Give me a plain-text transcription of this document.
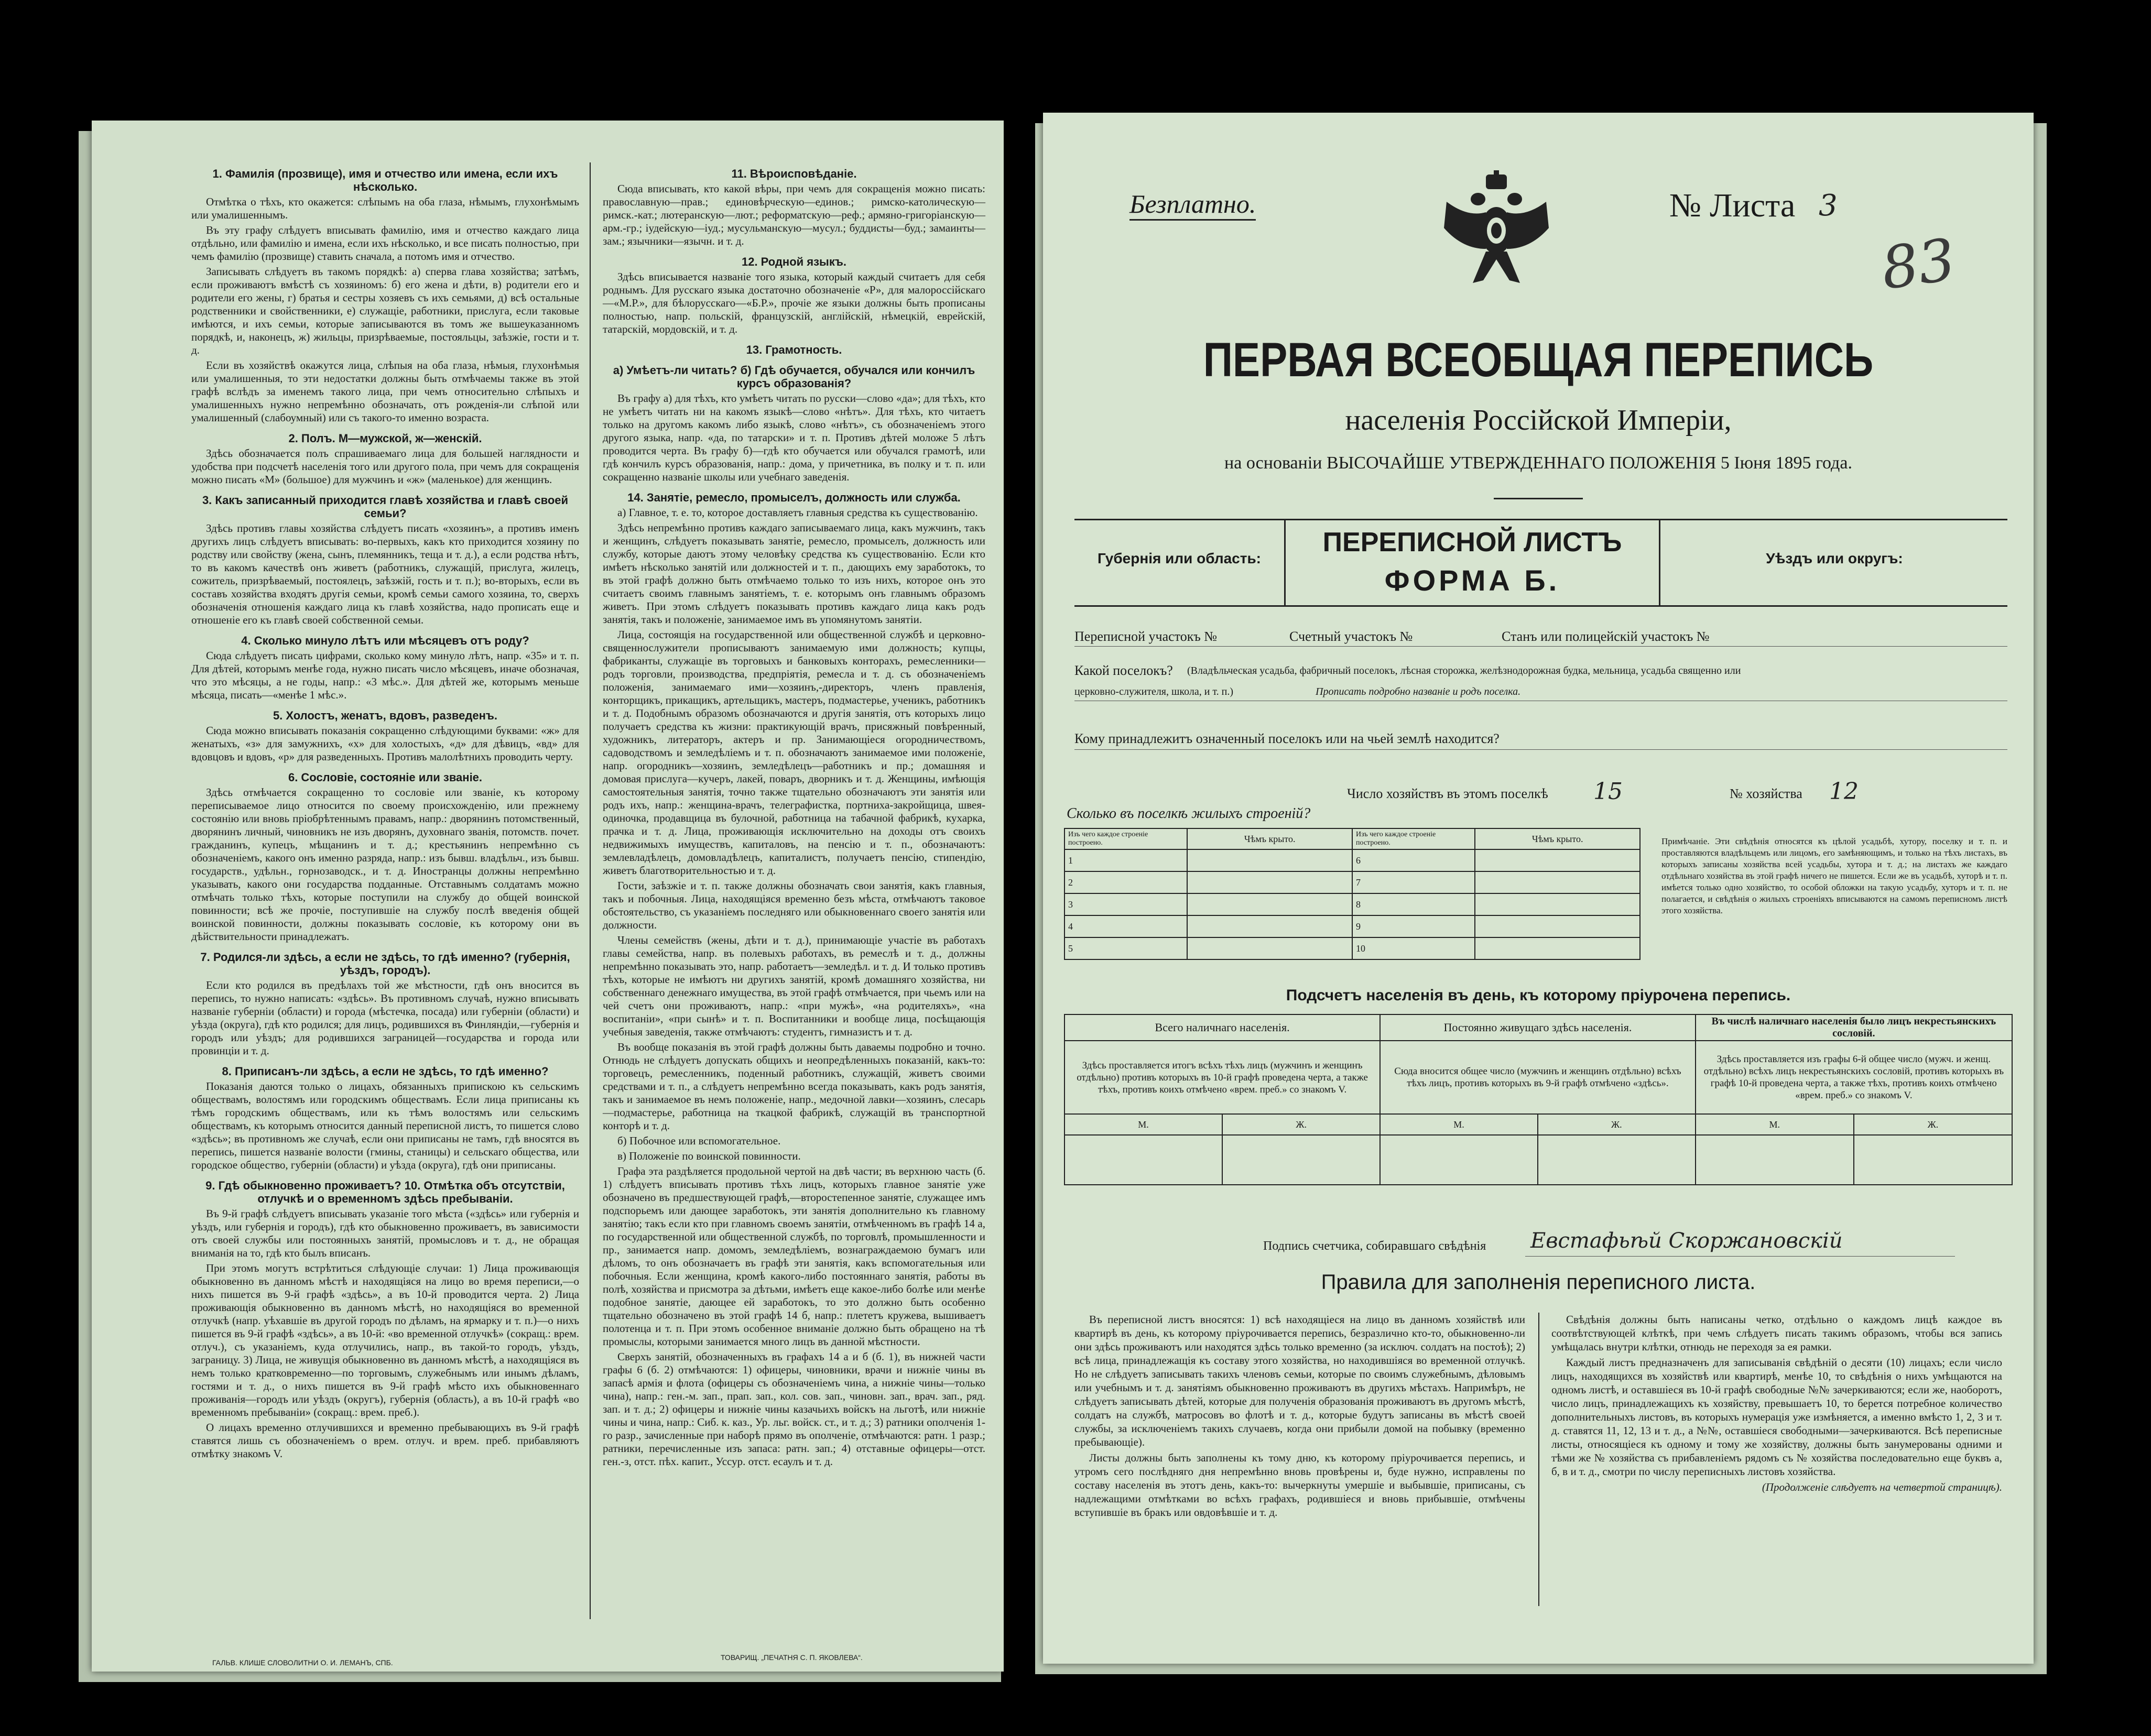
1. Фамилія (прозвище), имя и отчество или имена, если ихъ нѣсколько.

Отмѣтка о тѣхъ, кто окажется: слѣпымъ на оба глаза, нѣмымъ, глухонѣмымъ или умалишеннымъ.

Въ эту графу слѣдуетъ вписывать фамилію, имя и отчество каждаго лица отдѣльно, или фамилію и имена, если ихъ нѣсколько, и все писать полностью, при чемъ фамилію (прозвище) ставить сначала, а потомъ имя и отчество.

Записывать слѣдуетъ въ такомъ порядкѣ: а) сперва глава хозяйства; затѣмъ, если проживаютъ вмѣстѣ съ хозяиномъ: б) его жена и дѣти, в) родители его и родители его жены, г) братья и сестры хозяевъ съ ихъ семьями, д) всѣ остальные родственники и свойственники, е) служащіе, работники, прислуга, если таковые имѣются, и ихъ семьи, которые записываются въ томъ же вышеуказанномъ порядкѣ, и, наконецъ, ж) жильцы, призрѣваемые, постояльцы, заѣзжіе, гости и т. д.

Если въ хозяйствѣ окажутся лица, слѣпыя на оба глаза, нѣмыя, глухонѣмыя или умалишенныя, то эти недостатки должны быть отмѣчаемы также въ этой графѣ вслѣдъ за именемъ такого лица, при чемъ относительно слѣпыхъ и умалишенныхъ нужно непремѣнно обозначать, отъ рожденія-ли слѣпой или умалишенный (слабоумный) или съ такого-то именно возраста.

2. Полъ. М—мужской, ж—женскій.

Здѣсь обозначается полъ спрашиваемаго лица для большей наглядности и удобства при подсчетѣ населенія того или другого пола, при чемъ для сокращенія можно писать «М» (большое) для мужчинъ и «ж» (маленькое) для женщинъ.

3. Какъ записанный приходится главѣ хозяйства и главѣ своей семьи?

Здѣсь противъ главы хозяйства слѣдуетъ писать «хозяинъ», а противъ именъ другихъ лицъ слѣдуетъ вписывать: во-первыхъ, какъ кто приходится хозяину по родству или свойству (жена, сынъ, племянникъ, теща и т. д.), а если родства нѣтъ, то въ какомъ качествѣ онъ живетъ (работникъ, служащій, прислуга, жилецъ, сожитель, призрѣваемый, постоялецъ, заѣзжій, гость и т. п.); во-вторыхъ, если въ составъ хозяйства входятъ другія семьи, кромѣ семьи самого хозяина, то, сверхъ обозначенія отношенія каждаго лица къ главѣ хозяйства, надо прописать еще и отношеніе его къ главѣ своей собственной семьи.

4. Сколько минуло лѣтъ или мѣсяцевъ отъ роду?

Сюда слѣдуетъ писать цифрами, сколько кому минуло лѣтъ, напр. «35» и т. п. Для дѣтей, которымъ менѣе года, нужно писать число мѣсяцевъ, иначе обозначая, что это мѣсяцы, а не годы, напр.: «3 мѣс.». Для дѣтей же, которымъ меньше мѣсяца, писать—«менѣе 1 мѣс.».

5. Холостъ, женатъ, вдовъ, разведенъ.

Сюда можно вписывать показанія сокращенно слѣдующими буквами: «ж» для женатыхъ, «з» для замужнихъ, «х» для холостыхъ, «д» для дѣвицъ, «вд» для вдовцовъ и вдовъ, «р» для разведенныхъ. Противъ малолѣтнихъ проводить черту.

6. Сословіе, состояніе или званіе.

Здѣсь отмѣчается сокращенно то сословіе или званіе, къ которому переписываемое лицо относится по своему происхожденію, или прежнему состоянію или вновь пріобрѣтеннымъ правамъ, напр.: дворянинъ потомственный, дворянинъ личный, чиновникъ не изъ дворянъ, духовнаго званія, потомств. почет. гражданинъ, купецъ, мѣщанинъ и т. д.; крестьянинъ непремѣнно съ обозначеніемъ, какого онъ именно разряда, напр.: изъ бывш. владѣльч., изъ бывш. государств., удѣльн., горнозаводск., и т. д. Иностранцы должны непремѣнно указывать, какого они государства подданные. Отставнымъ солдатамъ можно отмѣчать только тѣхъ, которые поступили на службу до общей воинской повинности; всѣ же прочіе, поступившіе на службу послѣ введенія общей воинской повинности, должны показывать сословіе, къ которому они въ дѣйствительности принадлежатъ.

7. Родился-ли здѣсь, а если не здѣсь, то гдѣ именно? (губернія, уѣздъ, городъ).

Если кто родился въ предѣлахъ той же мѣстности, гдѣ онъ вносится въ перепись, то нужно написать: «здѣсь». Въ противномъ случаѣ, нужно вписывать названіе губерніи (области) и города (мѣстечка, посада) или губерніи (области) и уѣзда (округа), гдѣ кто родился; для лицъ, родившихся въ Финляндіи,—губернія и городъ или уѣздъ; для родившихся заграницей—государства и города или провинціи и т. д.

8. Приписанъ-ли здѣсь, а если не здѣсь, то гдѣ именно?

Показанія даются только о лицахъ, обязанныхъ припискою къ сельскимъ обществамъ, волостямъ или городскимъ обществамъ. Если лица приписаны къ тѣмъ городскимъ обществамъ, или къ тѣмъ волостямъ или сельскимъ обществамъ, къ которымъ относится данный переписной листъ, то пишется слово «здѣсь»; въ противномъ же случаѣ, если они приписаны не тамъ, гдѣ вносятся въ перепись, пишется названіе волости (гмины, станицы) и сельскаго общества, или городское общество, губерніи (области) и уѣзда (округа), гдѣ они приписаны.

9. Гдѣ обыкновенно проживаетъ? 10. Отмѣтка объ отсутствіи, отлучкѣ и о временномъ здѣсь пребываніи.

Въ 9-й графѣ слѣдуетъ вписывать указаніе того мѣста («здѣсь» или губернія и уѣздъ, или губернія и городъ), гдѣ кто обыкновенно проживаетъ, въ зависимости отъ своей службы или постоянныхъ занятій, промысловъ и т. д., не обращая вниманія на то, гдѣ кто былъ вписанъ.

При этомъ могутъ встрѣтиться слѣдующіе случаи: 1) Лица проживающія обыкновенно въ данномъ мѣстѣ и находящіяся на лицо во время переписи,—о нихъ пишется въ 9-й графѣ «здѣсь», а въ 10-й проводится черта. 2) Лица проживающія обыкновенно въ данномъ мѣстѣ, но находящіяся во временной отлучкѣ (напр. уѣхавшіе въ другой городъ по дѣламъ, на ярмарку и т. п.)—о нихъ пишется въ 9-й графѣ «здѣсь», а въ 10-й: «во временной отлучкѣ» (сокращ.: врем. отлуч.), съ указаніемъ, куда отлучились, напр., въ такой-то городъ, уѣздъ, заграницу. 3) Лица, не живущія обыкновенно въ данномъ мѣстѣ, а находящіяся въ немъ только кратковременно—по торговымъ, служебнымъ или инымъ дѣламъ, гостями и т. д., о нихъ пишется въ 9-й графѣ мѣсто ихъ обыкновеннаго проживанія—городъ или уѣздъ (округъ), губернія (область), а въ 10-й графѣ «во временномъ пребываніи» (сокращ.: врем. преб.).

О лицахъ временно отлучившихся и временно пребывающихъ въ 9-й графѣ ставятся лишь съ обозначеніемъ о врем. отлуч. и врем. преб. прибавляютъ отмѣтку знакомъ V.

11. Вѣроисповѣданіе.

Сюда вписывать, кто какой вѣры, при чемъ для сокращенія можно писать: православную—прав.; единовѣрческую—единов.; римско-католическую—римск.-кат.; лютеранскую—лют.; реформатскую—реф.; армяно-григоріанскую—арм.-гр.; іудейскую—іуд.; мусульманскую—мусул.; буддисты—буд.; замаинты—зам.; язычники—язычн. и т. д.

12. Родной языкъ.

Здѣсь вписывается названіе того языка, который каждый считаетъ для себя роднымъ. Для русскаго языка достаточно обозначеніе «Р», для малороссійскаго—«М.Р.», для бѣлорусскаго—«Б.Р.», прочіе же языки должны быть прописаны полностью, напр. польскій, французскій, англійскій, нѣмецкій, еврейскій, татарскій, мордовскій, и т. д.

13. Грамотность.
а) Умѣетъ-ли читать? б) Гдѣ обучается, обучался или кончилъ курсъ образованія?

Въ графу а) для тѣхъ, кто умѣетъ читать по русски—слово «да»; для тѣхъ, кто не умѣетъ читать ни на какомъ языкѣ—слово «нѣтъ». Для тѣхъ, кто читаетъ только на другомъ какомъ либо языкѣ, слово «нѣтъ», съ обозначеніемъ этого другого языка, напр. «да, по татарски» и т. п. Противъ дѣтей моложе 5 лѣтъ проводится черта. Въ графу б)—гдѣ кто обучается или обучался грамотѣ, или гдѣ кончилъ курсъ образованія, напр.: дома, у причетника, въ полку и т. п. или сокращенно названіе школы или учебнаго заведенія.

14. Занятіе, ремесло, промыселъ, должность или служба.

а) Главное, т. е. то, которое доставляетъ главныя средства къ существованію.

Здѣсь непремѣнно противъ каждаго записываемаго лица, какъ мужчинъ, такъ и женщинъ, слѣдуетъ показывать занятіе, ремесло, промыселъ, должность или службу, которые даютъ этому человѣку средства къ существованію. Если кто имѣетъ нѣсколько занятій или должностей и т. п., дающихъ ему заработокъ, то въ этой графѣ должно быть отмѣчаемо только то изъ нихъ, которое онъ это считаетъ своимъ главнымъ занятіемъ, т. е. которымъ онъ главнымъ образомъ живетъ. При этомъ слѣдуетъ показывать противъ каждаго лица какъ родъ занятія, такъ и положеніе, занимаемое имъ въ упомянутомъ занятіи.

Лица, состоящія на государственной или общественной службѣ и церковно-священнослужители прописываютъ занимаемую ими должность; купцы, фабриканты, служащіе въ торговыхъ и банковыхъ конторахъ, ремесленники—родъ торговли, производства, предпріятія, ремесла и т. д. съ обозначеніемъ положенія, занимаемаго ими—хозяинъ,-директоръ, членъ правленія, конторщикъ, прикащикъ, артельщикъ, мастеръ, подмастерье, ученикъ, работникъ и т. д. Подобнымъ образомъ обозначаются и другія занятія, отъ которыхъ лицо получаетъ средства къ жизни: практикующій врачъ, присяжный повѣренный, художникъ, литераторъ, актеръ и пр. Занимающіеся огородничествомъ, садоводствомъ и земледѣліемъ и т. п. обозначаютъ занимаемое ими положеніе, напр. огородникъ—хозяинъ, земледѣлецъ—работникъ и пр.; домашняя и домовая прислуга—кучеръ, лакей, поваръ, дворникъ и т. д. Женщины, имѣющія самостоятельныя занятія, точно также тщательно обозначаютъ эти занятія или родъ ихъ, напр.: женщина-врачъ, телеграфистка, портниха-закройщица, швея-одиночка, продавщица въ булочной, работница на табачной фабрикѣ, кухарка, прачка и т. д. Лица, проживающія исключительно на доходы отъ своихъ недвижимыхъ имуществъ, капиталовъ, на пенсію и т. п., обозначаютъ: землевладѣлецъ, домовладѣлецъ, капиталистъ, получаетъ пенсію, стипендію, живетъ благотворительностью и т. д.

Гости, заѣзжіе и т. п. также должны обозначать свои занятія, какъ главныя, такъ и побочныя. Лица, находящіяся временно безъ мѣста, отмѣчаютъ таковое обстоятельство, съ указаніемъ последняго или обыкновеннаго своего занятія или должности.

Члены семействъ (жены, дѣти и т. д.), принимающіе участіе въ работахъ главы семейства, напр. въ полевыхъ работахъ, въ ремеслѣ и т. д., должны непремѣнно показывать это, напр. работаетъ—земледѣл. и т. д. И только противъ тѣхъ, которые не имѣютъ ни другихъ занятій, кромѣ домашняго хозяйства, ни собственнаго денежнаго имущества, въ этой графѣ отмѣчается, при чьемъ или на чей счетъ они проживаютъ, напр.: «при мужѣ», «на родителяхъ», «на воспитаніи», «при сынѣ» и т. п. Воспитанники и вообще лица, посѣщающія учебныя заведенія, также отмѣчаютъ: студентъ, гимназистъ и т. д.

Въ вообще показанія въ этой графѣ должны быть даваемы подробно и точно. Отнюдь не слѣдуетъ допускать общихъ и неопредѣленныхъ показаній, какъ-то: торговецъ, ремесленникъ, поденный работникъ, служащій, живетъ своими средствами и т. п., а слѣдуетъ непремѣнно всегда показывать, какъ родъ занятія, такъ и занимаемое въ немъ положеніе, напр., медочной лавки—хозяинъ, слесарь—подмастерье, работница на ткацкой фабрикѣ, служащій въ транспортной конторѣ и т. д.

б) Побочное или вспомогательное.

в) Положеніе по воинской повинности.

Графа эта раздѣляется продольной чертой на двѣ части; въ верхнюю часть (б. 1) слѣдуетъ вписывать противъ тѣхъ лицъ, которыхъ главное занятіе уже обозначено въ предшествующей графѣ,—второстепенное занятіе, служащее имъ подспорьемъ или дающее заработокъ, эти занятія дополнительно къ главному занятію; такъ если кто при главномъ своемъ занятіи, отмѣченномъ въ графѣ 14 а, по государственной или общественной службѣ, по торговлѣ, промышленности и пр., занимается напр. домомъ, земледѣліемъ, вознаграждаемою бумагъ или дѣломъ, то онъ обозначаетъ въ графѣ эти занятія, какъ вспомогательныя или побочныя. Если женщина, кромѣ какого-либо постояннаго занятія, работы въ полѣ, хозяйства и присмотра за дѣтьми, имѣетъ еще какое-либо болѣе или менѣе подобное занятіе, дающее ей заработокъ, то это должно быть особенно тщательно обозначено въ этой графѣ 14 б, напр.: плететъ кружева, вышиваетъ полотенца и т. п. При этомъ особенное вниманіе должно быть обращено на тѣ промыслы, которыми занимается много лицъ въ данной мѣстности.

Сверхъ занятій, обозначенныхъ въ графахъ 14 а и б (б. 1), въ нижней части графы 6 (б. 2) отмѣчаются: 1) офицеры, чиновники, врачи и нижніе чины въ запасѣ армія и флота (офицеры съ обозначеніемъ чина, а нижніе чины—только чина), напр.: ген.-м. зап., прап. зап., кол. сов. зап., чиновн. зап., врач. зап., ряд. зап. и т. д.; 2) офицеры и нижніе чины казачьихъ войскъ на льготѣ, или нижніе чины и чина, напр.: Сиб. к. каз., Ур. льг. войск. ст., и т. д.; 3) ратники ополченія 1-го разр., зачисленные при наборѣ прямо въ ополченіе, отмѣчаются: ратн. 1 разр.; ратники, перечисленные изъ запаса: ратн. зап.; 4) отставные офицеры—отст. ген.-з, отст. пѣх. капит., Уссур. отст. есаулъ и т. д.

ГАЛЬВ. КЛИШЕ СЛОВОЛИТНИ О. И. ЛЕМАНЪ, СПБ.
ТОВАРИЩ. „ПЕЧАТНЯ С. П. ЯКОВЛЕВА“.
Безплатно.	№ Листа 3
83
ПЕРВАЯ ВСЕОБЩАЯ ПЕРЕПИСЬ
населенія Россійской Имперіи,
на основаніи ВЫСОЧАЙШЕ УТВЕРЖДЕННАГО ПОЛОЖЕНІЯ 5 Іюня 1895 года.
Губернія или область:
ПЕРЕПИСНОЙ ЛИСТЪ
ФОРМА Б.
Уѣздъ или округъ:
Переписной участокъ №	Счетный участокъ №	Станъ или полицейскій участокъ №
Какой поселокъ? (Владѣльческая усадьба, фабричный поселокъ, лѣсная сторожка, желѣзнодорожная будка, мельница, усадьба священно или
церковно-служителя, школа, и т. п.)	Прописать подробно названіе и родъ поселка.
Кому принадлежитъ означенный поселокъ или на чьей землѣ находится?
Число хозяйствъ въ этомъ поселкѣ 15	№ хозяйства 12
Сколько въ поселкѣ жилыхъ строеній?
Изъ чего каждое строеніе построено.	Чѣмъ крыто.	Изъ чего каждое строеніе построено.	Чѣмъ крыто.
1		6	
2		7	
3		8	
4		9	
5		10	
Примѣчаніе. Эти свѣдѣнія относятся къ цѣлой усадьбѣ, хутору, поселку и т. п. и проставляются владѣльцемъ или лицомъ, его замѣняющимъ, и только на тѣхъ листахъ, въ которыхъ записаны хозяйства всей усадьбы, хутора и т. д.; на листахъ же каждаго отдѣльнаго хозяйства въ этой графѣ ничего не пишется. Если же въ усадьбѣ, хуторѣ и т. п. имѣется только одно хозяйство, то особой обложки на такую усадьбу, хуторъ и т. п. не полагается, и свѣдѣнія о жилыхъ строеніяхъ вписываются на самомъ переписномъ листѣ этого хозяйства.
Подсчетъ населенія въ день, къ которому пріурочена перепись.
Всего наличнаго населенія.		Постоянно живущаго здѣсь населенія.		Въ числѣ наличнаго населенія было лицъ некрестьянскихъ сословій.	
Здѣсь проставляется итогъ всѣхъ тѣхъ лицъ (мужчинъ и женщинъ отдѣльно) противъ которыхъ въ 10-й графѣ проведена черта, а также тѣхъ, противъ коихъ отмѣчено «врем. преб.» со знакомъ V.		Сюда вносится общее число (мужчинъ и женщинъ отдѣльно) всѣхъ тѣхъ лицъ, противъ которыхъ въ 9-й графѣ отмѣчено «здѣсь».		Здѣсь проставляется изъ графы 6-й общее число (мужч. и женщ. отдѣльно) всѣхъ лицъ некрестьянскихъ сословій, противъ которыхъ въ графѣ 10-й проведена черта, а также тѣхъ, противъ коихъ отмѣчено «врем. преб.» со знакомъ V.	
М.	Ж.	М.	Ж.	М.	Ж.

Подпись счетчика, собиравшаго свѣдѣнія Евстафьѣй Скоржановскій
Правила для заполненія переписного листа.

Въ переписной листъ вносятся: 1) всѣ находящіеся на лицо въ данномъ хозяйствѣ или квартирѣ въ день, къ которому пріурочивается перепись, безразлично кто-то, обыкновенно-ли они здѣсь проживаютъ или находятся здѣсь только временно (за исключ. солдатъ на постоѣ); 2) всѣ лица, принадлежащія къ составу этого хозяйства, но находившіяся во временной отлучкѣ. Но не слѣдуетъ записывать такихъ членовъ семьи, которые по своимъ служебнымъ, дѣловымъ или учебнымъ и т. д. занятіямъ обыкновенно проживаютъ въ другихъ мѣстахъ. Напримѣръ, не слѣдуетъ записывать дѣтей, которые для полученія образованія проживаютъ въ другомъ мѣстѣ, солдатъ на службѣ, матросовъ во флотѣ и т. д., которые будутъ записаны въ мѣстѣ своей службы, за исключеніемъ такихъ случаевъ, когда они прибыли домой на побывку (временно пребывающіе).

Листы должны быть заполнены къ тому дню, къ которому пріурочивается перепись, и утромъ сего послѣдняго дня непремѣнно вновь провѣрены и, буде нужно, исправлены по составу населенія въ этотъ день, какъ-то: вычеркнуты умершіе и выбывшіе, приписаны, съ надлежащими отмѣтками во всѣхъ графахъ, родившіеся и вновь прибывшіе, отмѣчены вступившіе въ бракъ или овдовѣвшіе и т. д.

Свѣдѣнія должны быть написаны четко, отдѣльно о каждомъ лицѣ каждое въ соотвѣтствующей клѣткѣ, при чемъ слѣдуетъ писать такимъ образомъ, чтобы вся запись умѣщалась внутри клѣтки, отнюдь не переходя за ея рамки.

Каждый листъ предназначенъ для записыванія свѣдѣній о десяти (10) лицахъ; если число лицъ, находящихся въ хозяйствѣ или квартирѣ, менѣе 10, то свѣдѣнія о нихъ умѣщаются на одномъ листѣ, и оставшіеся въ 10-й графѣ свободные №№ зачеркиваются; если же, наоборотъ, число лицъ, принадлежащихъ къ хозяйству, превышаетъ 10, то берется потребное количество дополнительныхъ листовъ, въ которыхъ нумерація уже измѣняется, а именно вмѣсто 1, 2, 3 и т. д. ставятся 11, 12, 13 и т. д., а №№, оставшіеся свободными—зачеркиваются. Всѣ переписные листы, относящіеся къ одному и тому же хозяйству, должны быть занумерованы одними и тѣми же № хозяйства съ прибавленіемъ рядомъ съ № хозяйства последовательно еще буквъ а, б, в и т. д., смотри по числу переписныхъ листовъ хозяйства.

(Продолженіе слѣдуетъ на четвертой страницѣ).
